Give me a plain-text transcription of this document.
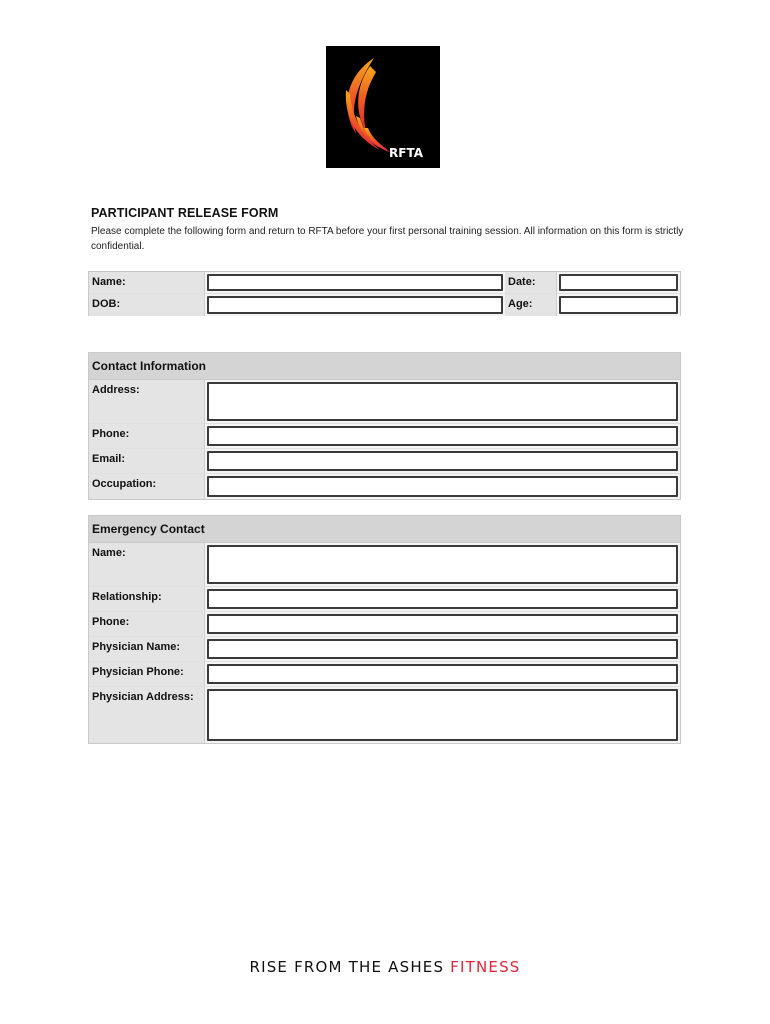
RFTA
PARTICIPANT RELEASE FORM
Please complete the following form and return to RFTA before your first personal training session. All information on this form is strictly confidential.
Name:	Date:
DOB:	Age:
Contact Information
Address:
Phone:
Email:
Occupation:
Emergency Contact
Name:
Relationship:
Phone:
Physician Name:
Physician Phone:
Physician Address:
RISE FROM THE ASHES FITNESS
